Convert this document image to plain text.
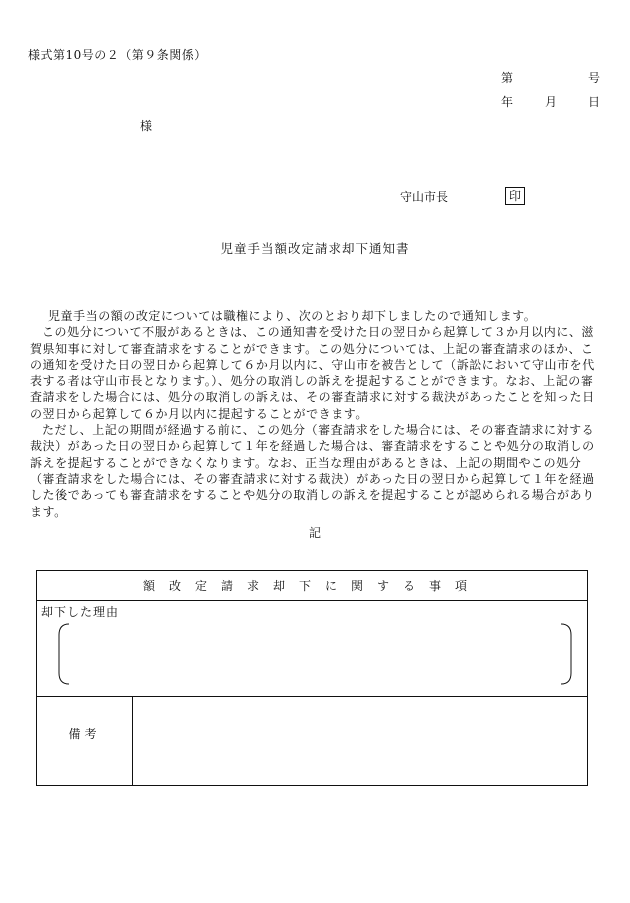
様式第10号の２（第９条関係）
第	号
年	月	日
様
守山市長	印
児童手当額改定請求却下通知書

児童手当の額の改定については職権により、次のとおり却下しましたので通知します。

この処分について不服があるときは、この通知書を受けた日の翌日から起算して３か月以内に、滋賀県知事に対して審査請求をすることができます。この処分については、上記の審査請求のほか、この通知を受けた日の翌日から起算して６か月以内に、守山市を被告として（訴訟において守山市を代表する者は守山市長となります。）、処分の取消しの訴えを提起することができます。なお、上記の審査請求をした場合には、処分の取消しの訴えは、その審査請求に対する裁決があったことを知った日の翌日から起算して６か月以内に提起することができます。

ただし、上記の期間が経過する前に、この処分（審査請求をした場合には、その審査請求に対する裁決）があった日の翌日から起算して１年を経過した場合は、審査請求をすることや処分の取消しの訴えを提起することができなくなります。なお、正当な理由があるときは、上記の期間やこの処分（審査請求をした場合には、その審査請求に対する裁決）があった日の翌日から起算して１年を経過した後であっても審査請求をすることや処分の取消しの訴えを提起することが認められる場合があります。

記
額改定請求却下に関する事項
却下した理由
備考
